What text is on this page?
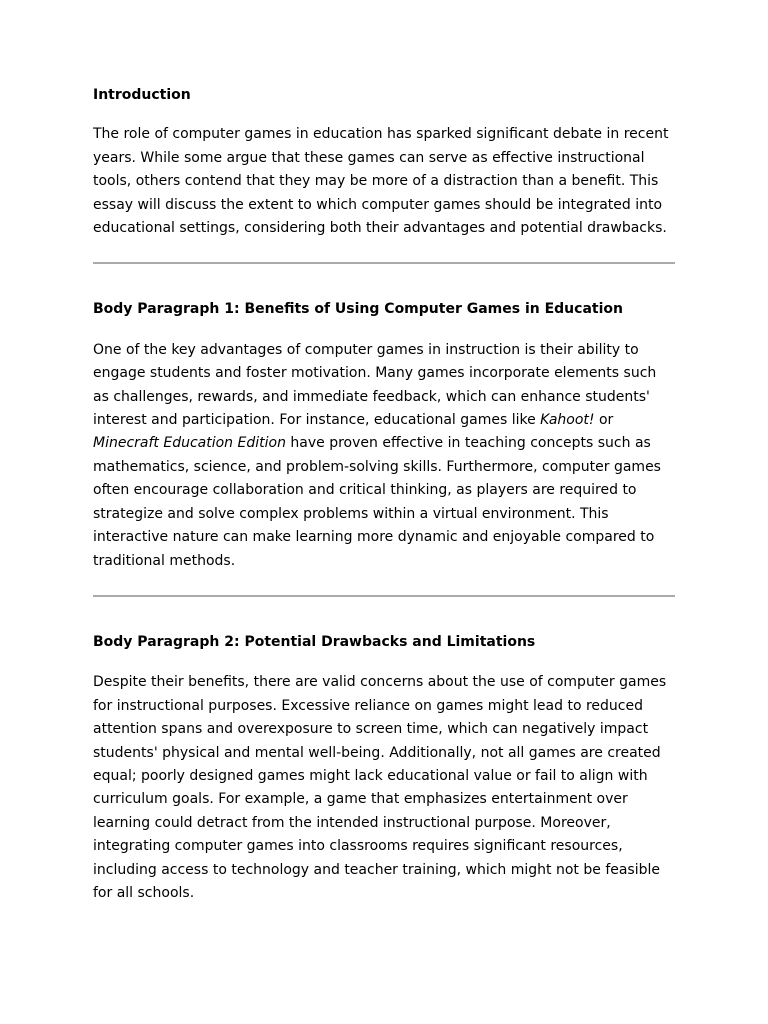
Introduction

The role of computer games in education has sparked significant debate in recent years. While some argue that these games can serve as effective instructional tools, others contend that they may be more of a distraction than a benefit. This essay will discuss the extent to which computer games should be integrated into educational settings, considering both their advantages and potential drawbacks.

Body Paragraph 1: Benefits of Using Computer Games in Education

One of the key advantages of computer games in instruction is their ability to engage students and foster motivation. Many games incorporate elements such as challenges, rewards, and immediate feedback, which can enhance students' interest and participation. For instance, educational games like Kahoot! or Minecraft Education Edition have proven effective in teaching concepts such as mathematics, science, and problem-solving skills. Furthermore, computer games often encourage collaboration and critical thinking, as players are required to strategize and solve complex problems within a virtual environment. This interactive nature can make learning more dynamic and enjoyable compared to traditional methods.

Body Paragraph 2: Potential Drawbacks and Limitations

Despite their benefits, there are valid concerns about the use of computer games for instructional purposes. Excessive reliance on games might lead to reduced attention spans and overexposure to screen time, which can negatively impact students' physical and mental well-being. Additionally, not all games are created equal; poorly designed games might lack educational value or fail to align with curriculum goals. For example, a game that emphasizes entertainment over learning could detract from the intended instructional purpose. Moreover, integrating computer games into classrooms requires significant resources, including access to technology and teacher training, which might not be feasible for all schools.
